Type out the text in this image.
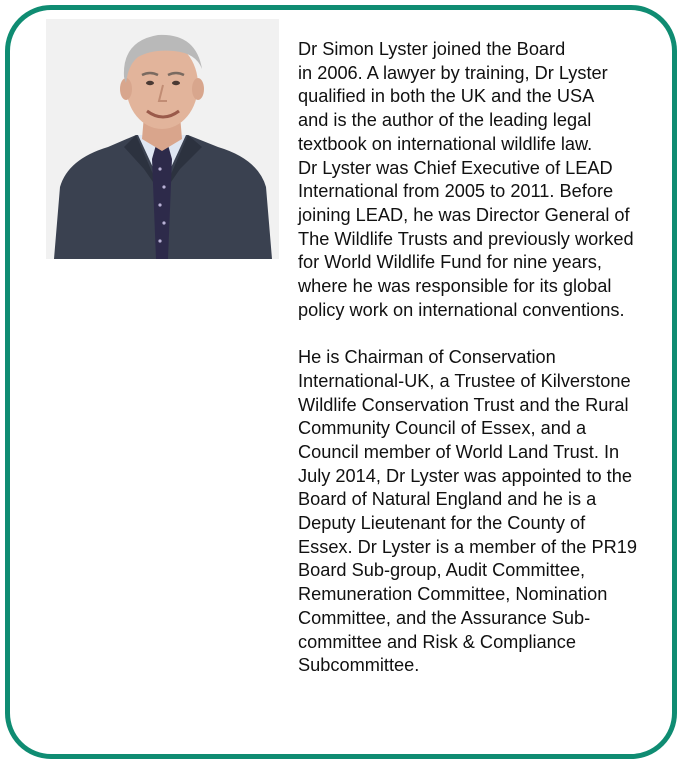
Dr Simon Lyster joined the Board
in 2006. A lawyer by training, Dr Lyster
qualified in both the UK and the USA
and is the author of the leading legal
textbook on international wildlife law.
Dr Lyster was Chief Executive of LEAD
International from 2005 to 2011. Before
joining LEAD, he was Director General of
The Wildlife Trusts and previously worked
for World Wildlife Fund for nine years,
where he was responsible for its global
policy work on international conventions.

He is Chairman of Conservation
International-UK, a Trustee of Kilverstone
Wildlife Conservation Trust and the Rural
Community Council of Essex, and a
Council member of World Land Trust. In
July 2014, Dr Lyster was appointed to the
Board of Natural England and he is a
Deputy Lieutenant for the County of
Essex. Dr Lyster is a member of the PR19
Board Sub-group, Audit Committee,
Remuneration Committee, Nomination
Committee, and the Assurance Sub-
committee and Risk & Compliance
Subcommittee.
